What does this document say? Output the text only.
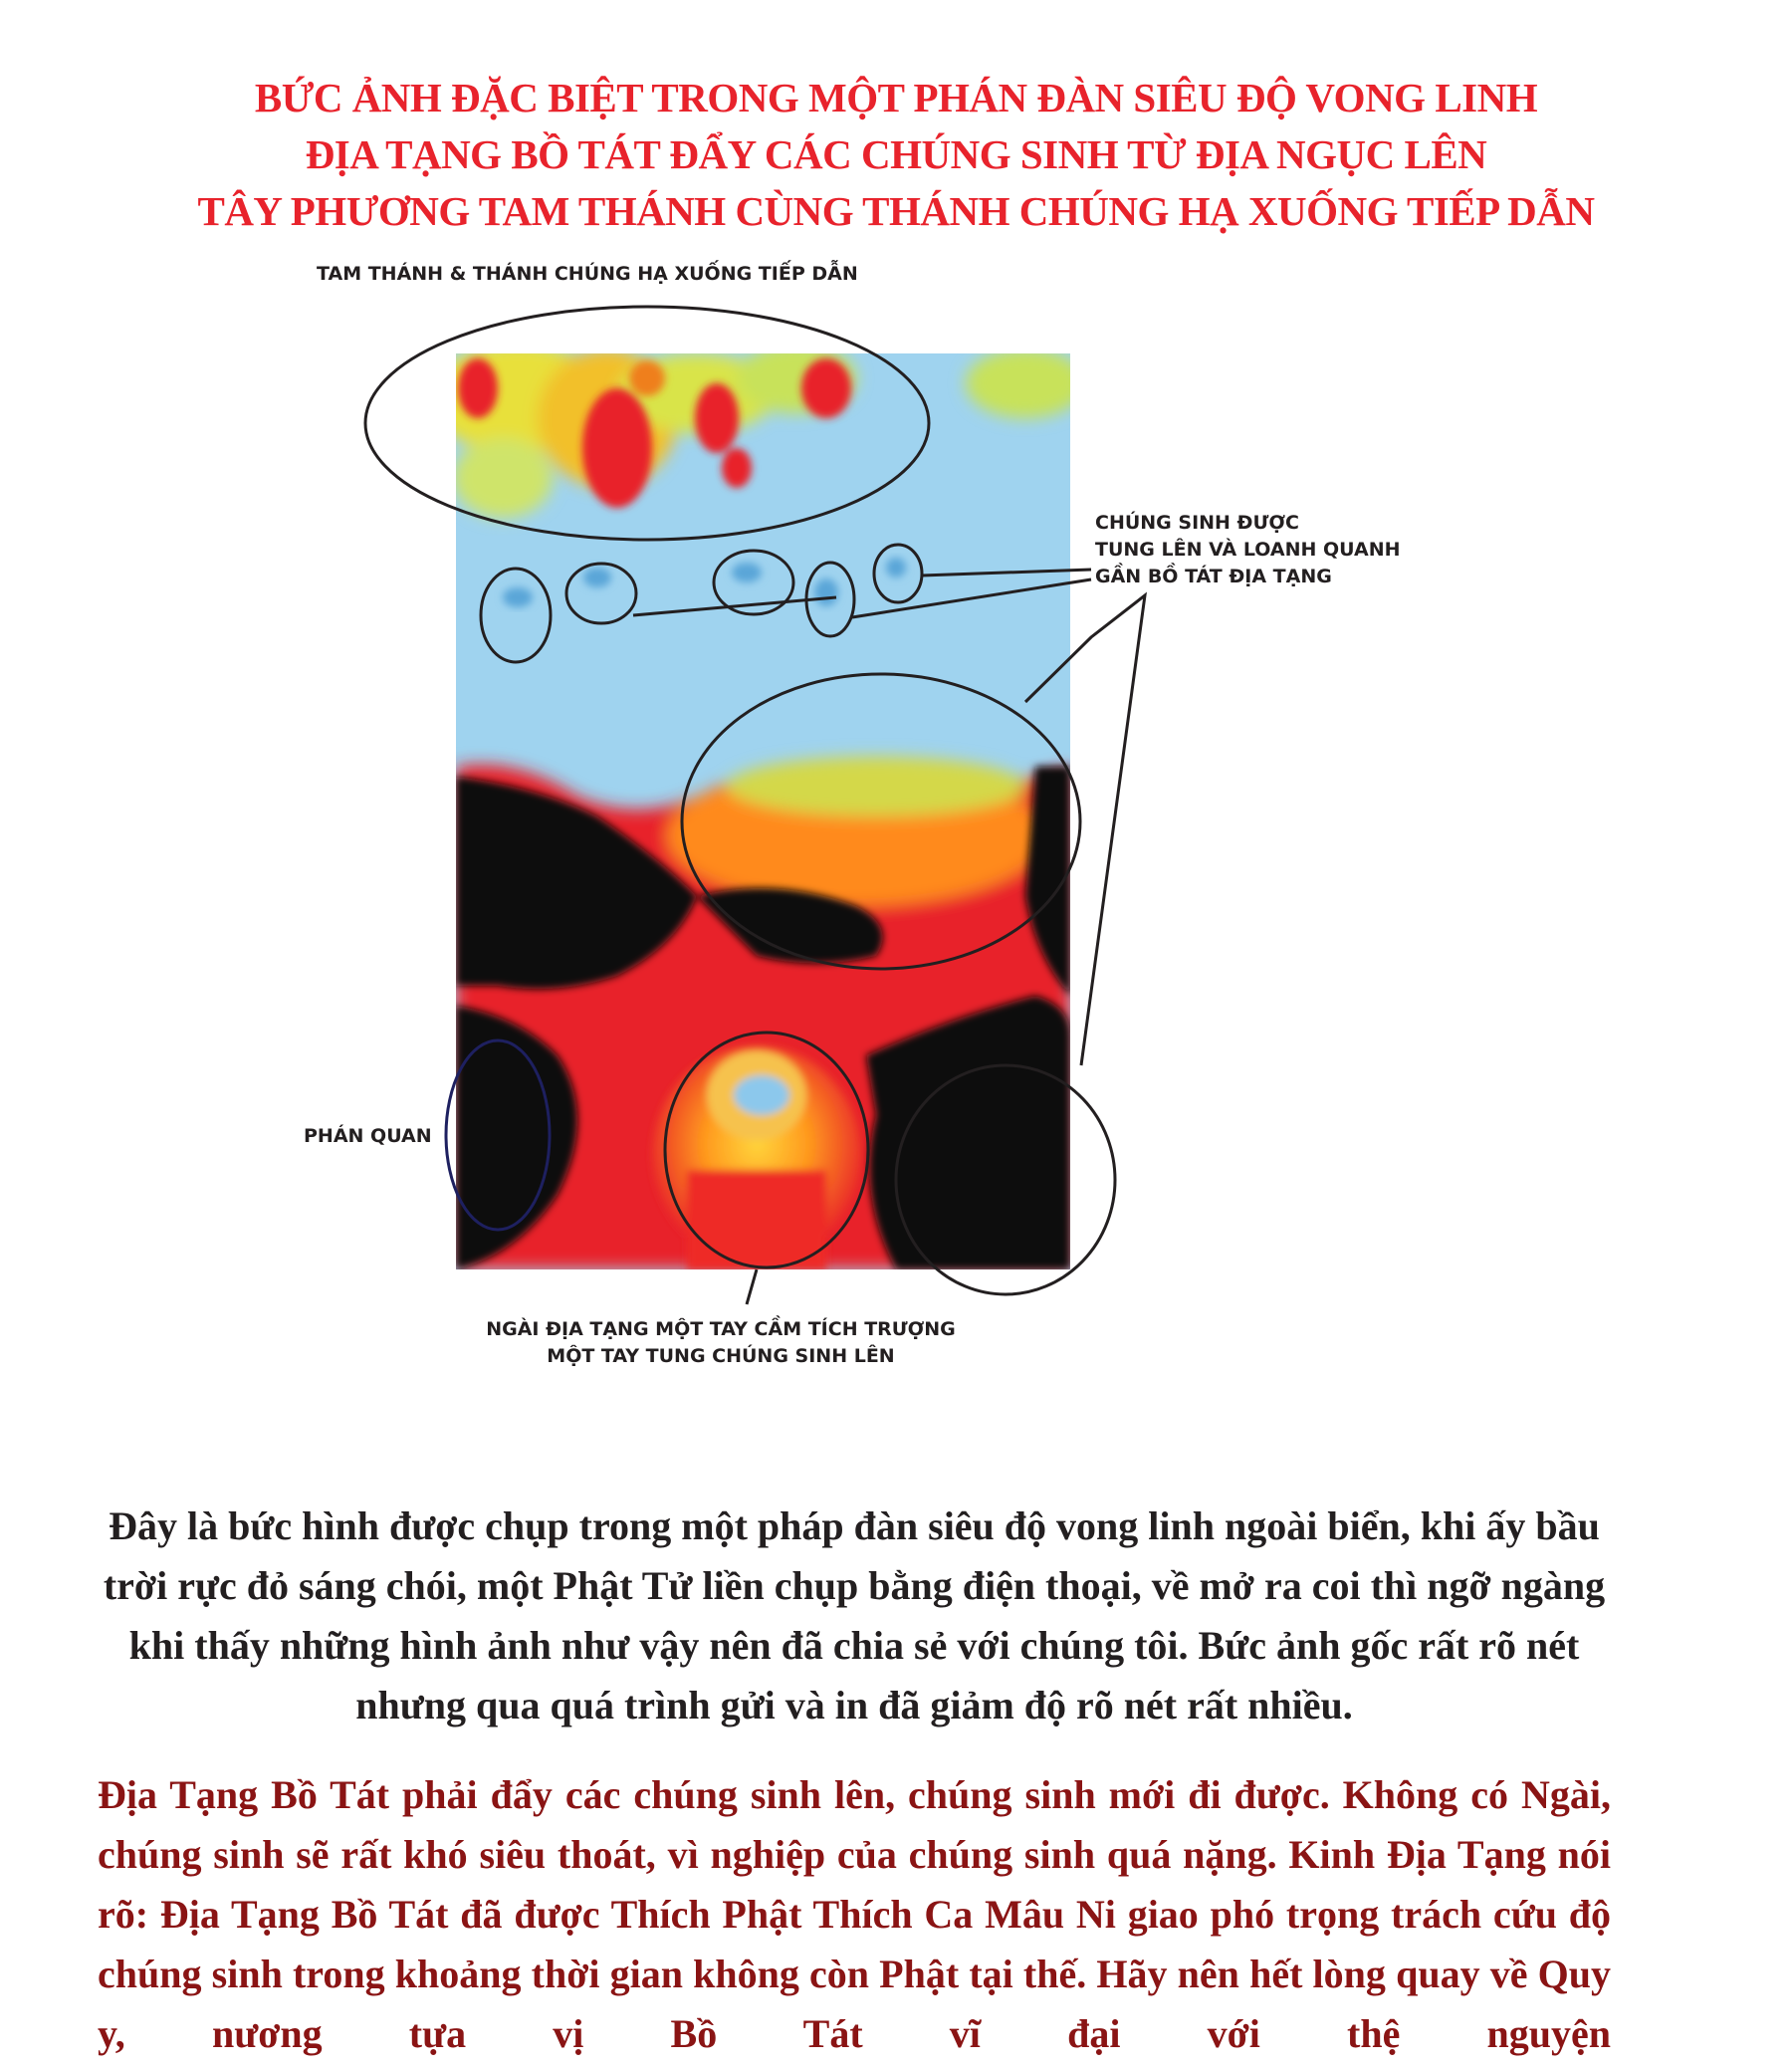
BỨC ẢNH ĐẶC BIỆT TRONG MỘT PHÁN ĐÀN SIÊU ĐỘ VONG LINH
ĐỊA TẠNG BỒ TÁT ĐẨY CÁC CHÚNG SINH TỪ ĐỊA NGỤC LÊN
TÂY PHƯƠNG TAM THÁNH CÙNG THÁNH CHÚNG HẠ XUỐNG TIẾP DẪN
TAM THÁNH & THÁNH CHÚNG HẠ XUỐNG TIẾP DẪN
CHÚNG SINH ĐƯỢC
TUNG LÊN VÀ LOANH QUANH
GẦN BỒ TÁT ĐỊA TẠNG
PHÁN QUAN
NGÀI ĐỊA TẠNG MỘT TAY CẦM TÍCH TRƯỢNG
MỘT TAY TUNG CHÚNG SINH LÊN
Đây là bức hình được chụp trong một pháp đàn siêu độ vong linh ngoài biển, khi ấy bầu trời rực đỏ sáng chói, một Phật Tử liền chụp bằng điện thoại, về mở ra coi thì ngỡ ngàng khi thấy những hình ảnh như vậy nên đã chia sẻ với chúng tôi. Bức ảnh gốc rất rõ nét nhưng qua quá trình gửi và in đã giảm độ rõ nét rất nhiều.
Địa Tạng Bồ Tát phải đẩy các chúng sinh lên, chúng sinh mới đi được. Không có Ngài, chúng sinh sẽ rất khó siêu thoát, vì nghiệp của chúng sinh quá nặng. Kinh Địa Tạng nói rõ: Địa Tạng Bồ Tát đã được Thích Phật Thích Ca Mâu Ni giao phó trọng trách cứu độ chúng sinh trong khoảng thời gian không còn Phật tại thế. Hãy nên hết lòng quay về Quy y, nương tựa vị Bồ Tát vĩ đại với thệ nguyện
